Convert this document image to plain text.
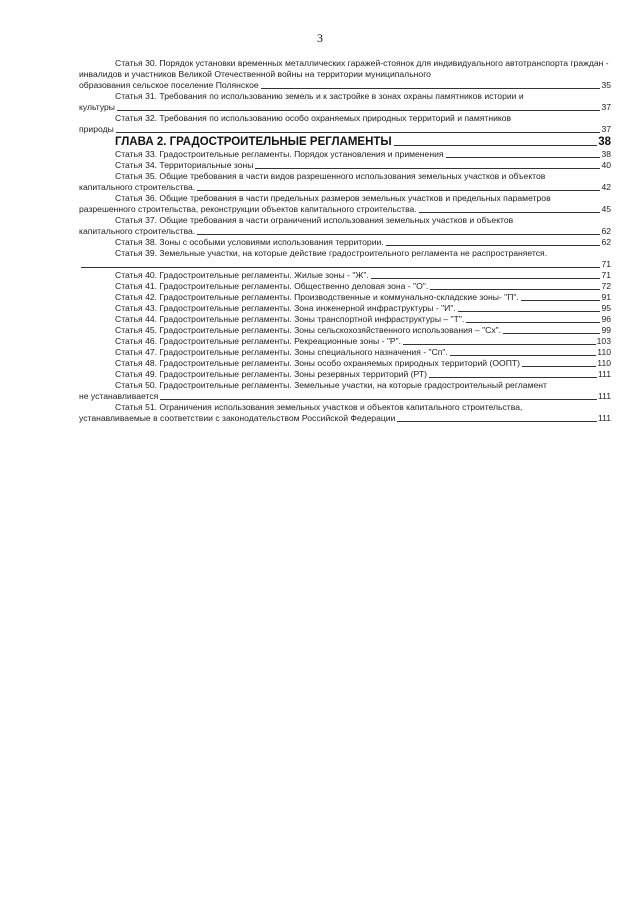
3
Статья 30. Порядок установки временных металлических гаражей-стоянок для индивидуального автотранспорта граждан - инвалидов и участников Великой Отечественной войны на территории муниципального
образования сельское поселение Полянское	35
Статья 31. Требования по использованию земель и к застройке в зонах охраны памятников истории и
культуры	37
Статья 32. Требования по использованию особо охраняемых природных территорий и памятников
природы	37
ГЛАВА 2. ГРАДОСТРОИТЕЛЬНЫЕ РЕГЛАМЕНТЫ	38
Статья 33. Градостроительные регламенты. Порядок установления и применения	38
Статья 34. Территориальные зоны	40
Статья 35. Общие требования в части видов разрешенного использования земельных участков и объектов
капитального строительства.	42
Статья 36. Общие требования в части предельных размеров земельных участков и предельных параметров
разрешенного строительства, реконструкции объектов капитального строительства.	45
Статья 37. Общие требования в части ограничений использования земельных участков и объектов
капитального строительства.	62
Статья 38. Зоны с особыми условиями использования территории.	62
Статья 39. Земельные участки, на которые действие градостроительного регламента не распространяется.
71
Статья 40. Градостроительные регламенты. Жилые зоны - "Ж".	71
Статья 41. Градостроительные регламенты. Общественно деловая зона - "О".	72
Статья 42. Градостроительные регламенты. Производственные и коммунально-складские зоны- "П".	91
Статья 43. Градостроительные регламенты. Зона инженерной инфраструктуры - "И".	95
Статья 44. Градостроительные регламенты. Зоны транспортной инфраструктуры – "Т".	96
Статья 45. Градостроительные регламенты. Зоны сельскохозяйственного использования – "Сх".	99
Статья 46. Градостроительные регламенты. Рекреационные зоны - "Р".	103
Статья 47. Градостроительные регламенты. Зоны специального назначения - "Сп".	110
Статья 48. Градостроительные регламенты. Зоны особо охраняемых природных территорий (ООПТ)	110
Статья 49. Градостроительные регламенты. Зоны резервных территорий (РТ)	111
Статья 50. Градостроительные регламенты. Земельные участки, на которые градостроительный регламент
не устанавливается	111
Статья 51. Ограничения использования земельных участков и объектов капитального строительства,
устанавливаемые в соответствии с законодательством Российской Федерации	111
